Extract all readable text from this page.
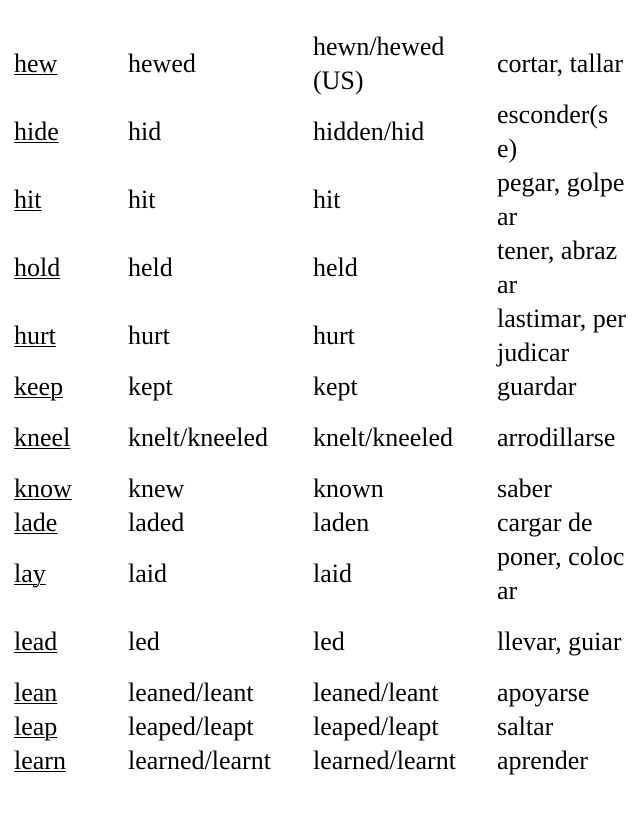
hew	hewed	hewn/hewed (US)	cortar, tallar

hide	hid	hidden/hid	esconder(se)

hit	hit	hit	pegar, golpear

hold	held	held	tener, abrazar

hurt	hurt	hurt	lastimar, perjudicar

keep	kept	kept	guardar

kneel	knelt/kneeled	knelt/kneeled	arrodillarse

know	knew	known	saber

lade	laded	laden	cargar de

lay	laid	laid	poner, colocar

lead	led	led	llevar, guiar

lean	leaned/leant	leaned/leant	apoyarse

leap	leaped/leapt	leaped/leapt	saltar

learn	learned/learnt	learned/learnt	aprender
